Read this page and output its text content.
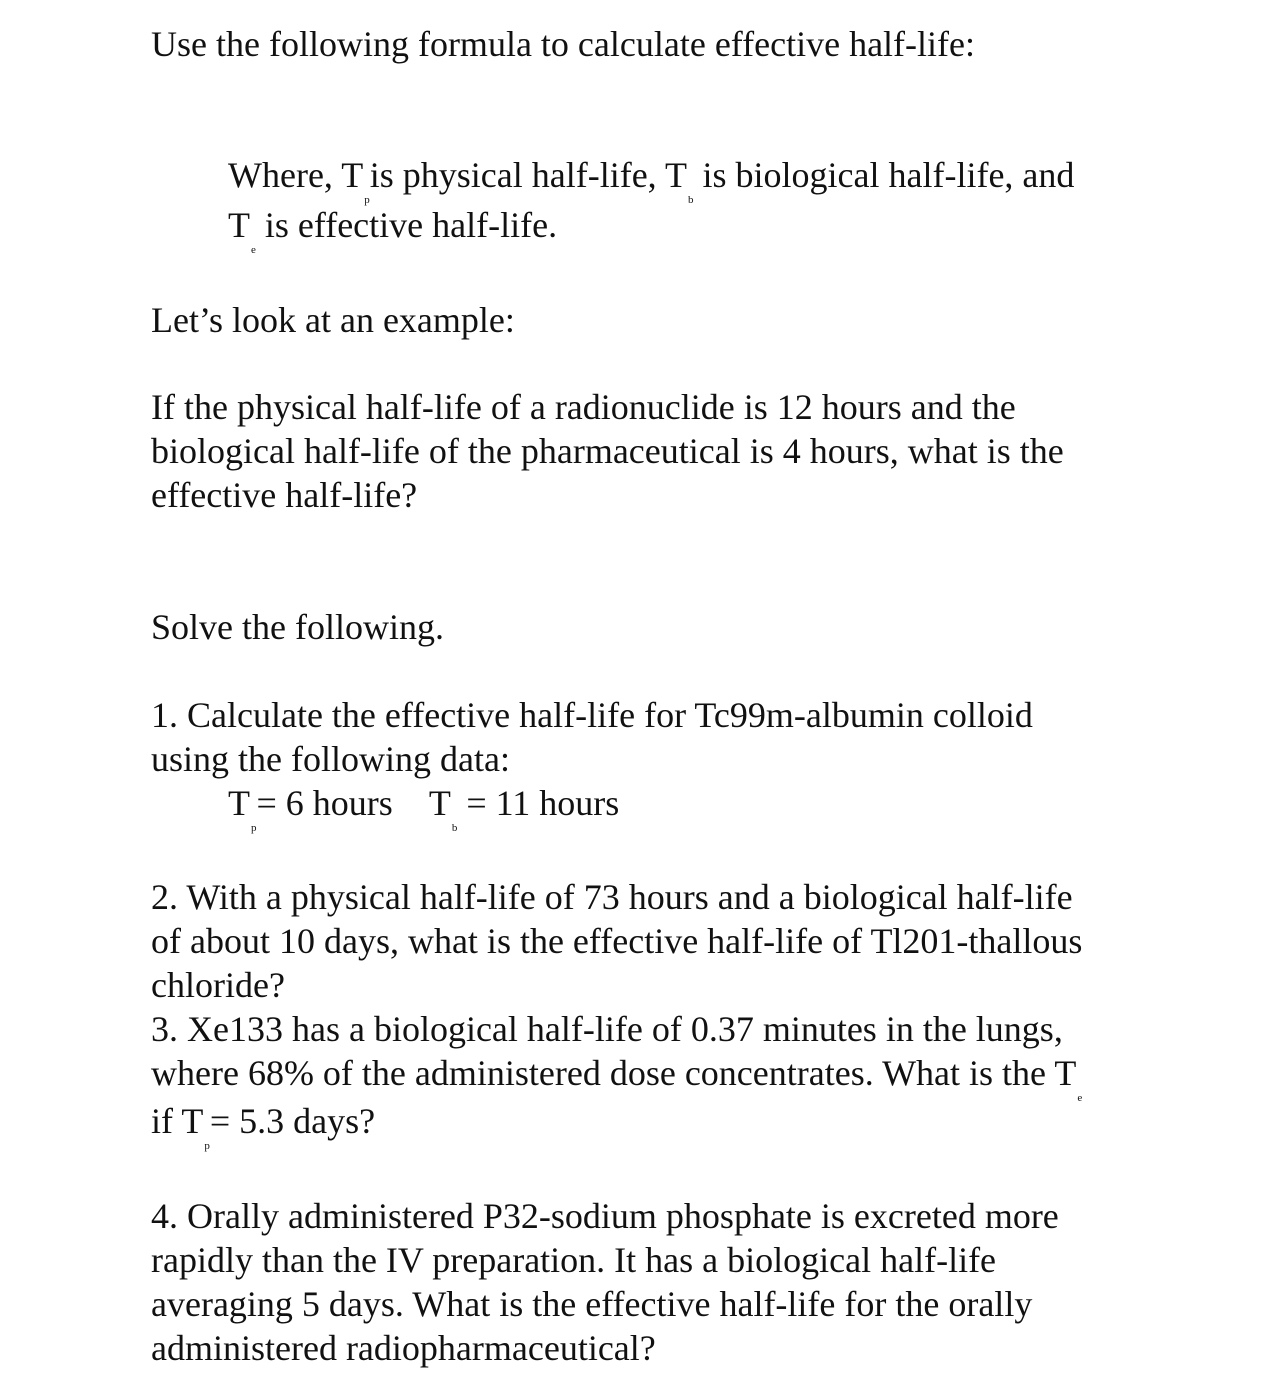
Use the following formula to calculate effective half-life:
Where, $T_pis$ physical half-life, $T_b$ is biological half-life, and
$T_e$ is effective half-life.
Let’s look at an example:
If the physical half-life of a radionuclide is 12 hours and the
biological half-life of the pharmaceutical is 4 hours, what is the
effective half-life?
Solve the following.
1. Calculate the effective half-life for Tc99m-albumin colloid
using the following data:
$T_p= 6$ hours $T_b = 11$ hours
2. With a physical half-life of 73 hours and a biological half-life
of about 10 days, what is the effective half-life of Tl201-thallous
chloride?
3. Xe133 has a biological half-life of 0.37 minutes in the lungs,
where 68% of the administered dose concentrates. What is the $T_e$
if $T_p= 5.3$ days?
4. Orally administered P32-sodium phosphate is excreted more
rapidly than the IV preparation. It has a biological half-life
averaging 5 days. What is the effective half-life for the orally
administered radiopharmaceutical?
